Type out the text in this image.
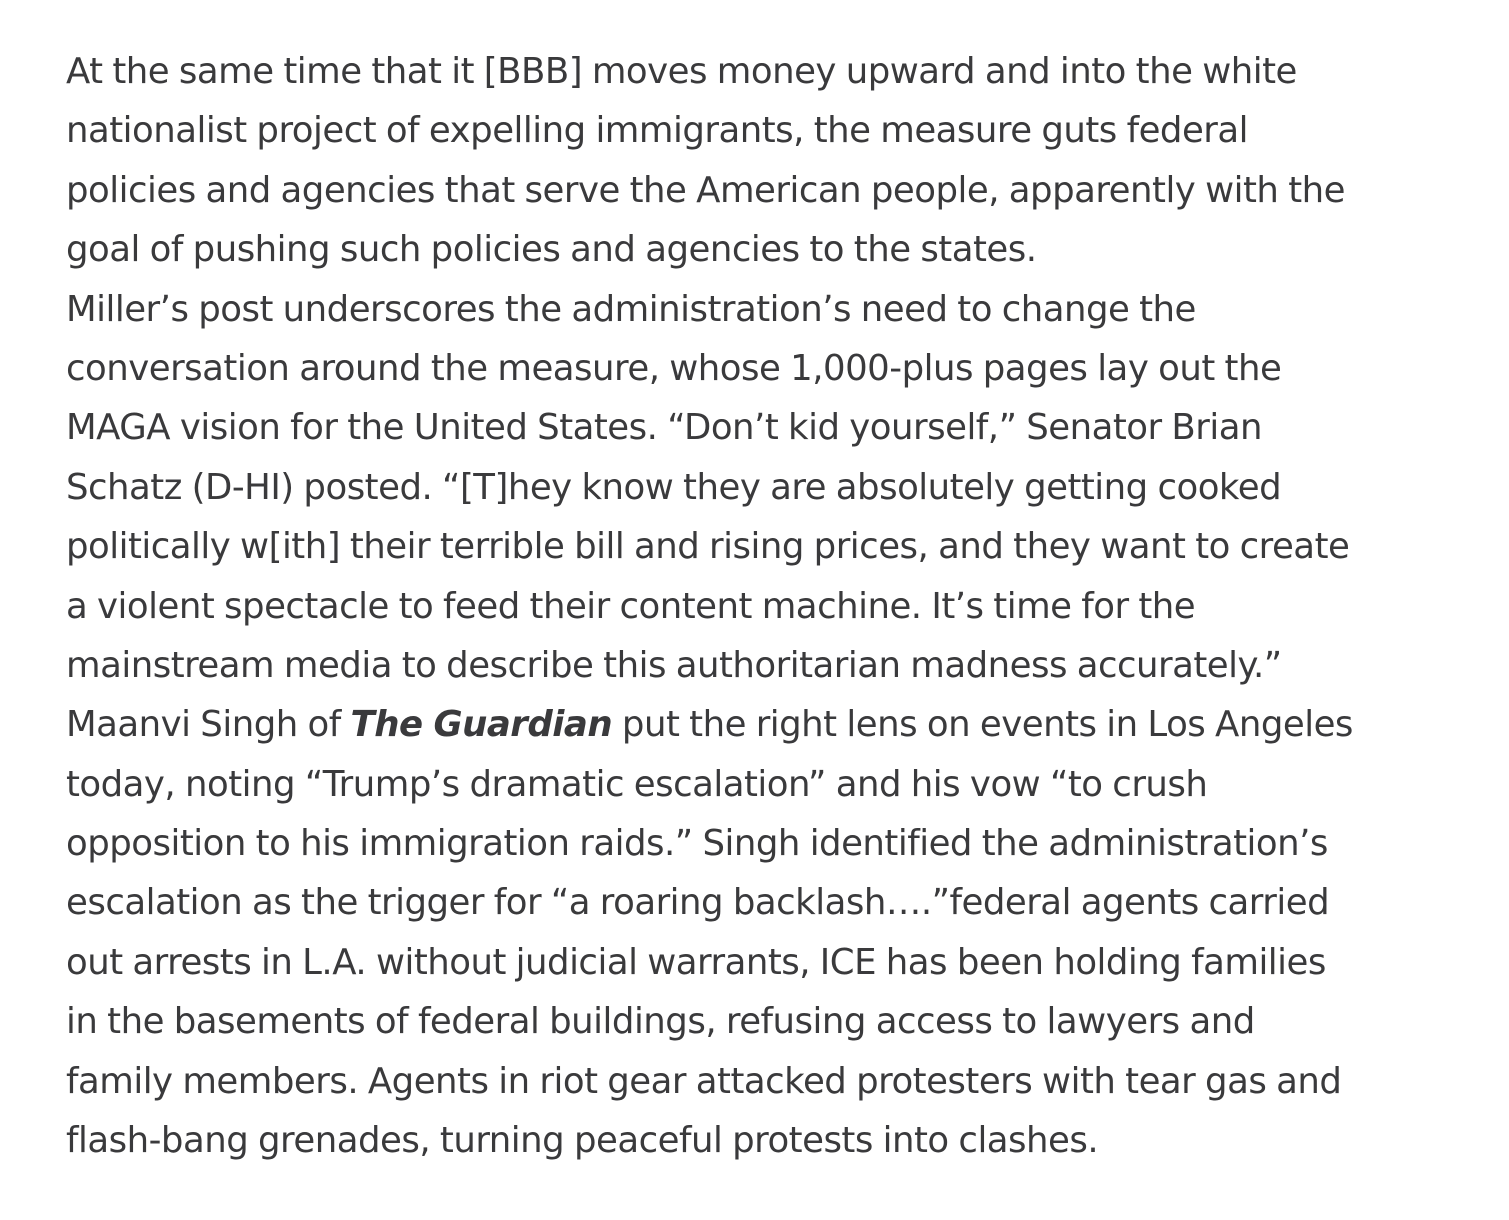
At the same time that it [BBB] moves money upward and into the white
nationalist project of expelling immigrants, the measure guts federal
policies and agencies that serve the American people, apparently with the
goal of pushing such policies and agencies to the states.
Miller’s post underscores the administration’s need to change the
conversation around the measure, whose 1,000-plus pages lay out the
MAGA vision for the United States. “Don’t kid yourself,” Senator Brian
Schatz (D-HI) posted. “[T]hey know they are absolutely getting cooked
politically w[ith] their terrible bill and rising prices, and they want to create
a violent spectacle to feed their content machine. It’s time for the
mainstream media to describe this authoritarian madness accurately.”
Maanvi Singh of The Guardian put the right lens on events in Los Angeles
today, noting “Trump’s dramatic escalation” and his vow “to crush
opposition to his immigration raids.” Singh identified the administration’s
escalation as the trigger for “a roaring backlash….”federal agents carried
out arrests in L.A. without judicial warrants, ICE has been holding families
in the basements of federal buildings, refusing access to lawyers and
family members. Agents in riot gear attacked protesters with tear gas and
flash-bang grenades, turning peaceful protests into clashes.
